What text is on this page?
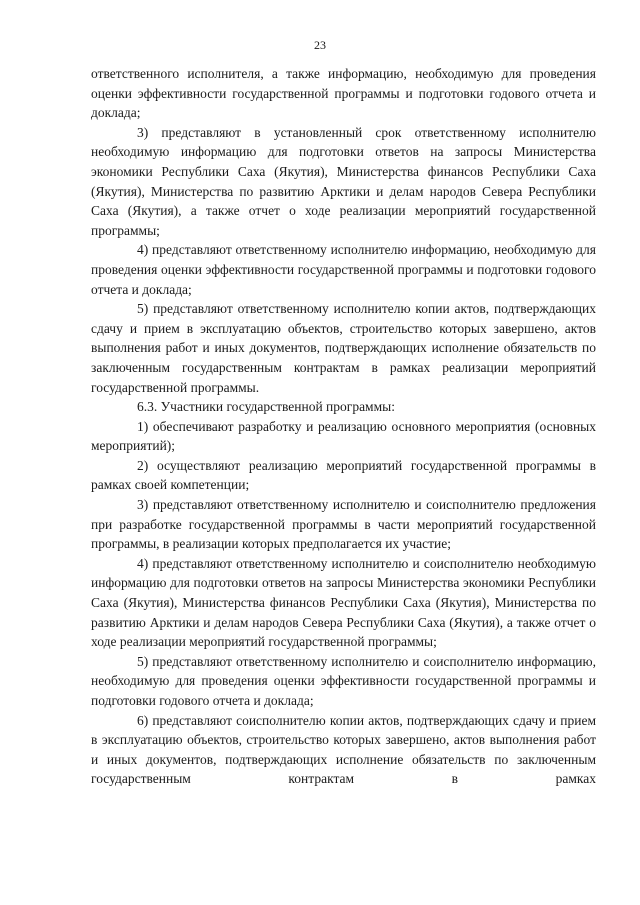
23

ответственного исполнителя, а также информацию, необходимую для проведения оценки эффективности государственной программы и подготовки годового отчета и доклада;

3) представляют в установленный срок ответственному исполнителю необходимую информацию для подготовки ответов на запросы Министерства экономики Республики Саха (Якутия), Министерства финансов Республики Саха (Якутия), Министерства по развитию Арктики и делам народов Севера Республики Саха (Якутия), а также отчет о ходе реализации мероприятий государственной программы;

4) представляют ответственному исполнителю информацию, необходимую для проведения оценки эффективности государственной программы и подготовки годового отчета и доклада;

5) представляют ответственному исполнителю копии актов, подтверждающих сдачу и прием в эксплуатацию объектов, строительство которых завершено, актов выполнения работ и иных документов, подтверждающих исполнение обязательств по заключенным государственным контрактам в рамках реализации мероприятий государственной программы.

6.3. Участники государственной программы:

1) обеспечивают разработку и реализацию основного мероприятия (основных мероприятий);

2) осуществляют реализацию мероприятий государственной программы в рамках своей компетенции;

3) представляют ответственному исполнителю и соисполнителю предложения при разработке государственной программы в части мероприятий государственной программы, в реализации которых предполагается их участие;

4) представляют ответственному исполнителю и соисполнителю необходимую информацию для подготовки ответов на запросы Министерства экономики Республики Саха (Якутия), Министерства финансов Республики Саха (Якутия), Министерства по развитию Арктики и делам народов Севера Республики Саха (Якутия), а также отчет о ходе реализации мероприятий государственной программы;

5) представляют ответственному исполнителю и соисполнителю информацию, необходимую для проведения оценки эффективности государственной программы и подготовки годового отчета и доклада;

6) представляют соисполнителю копии актов, подтверждающих сдачу и прием в эксплуатацию объектов, строительство которых завершено, актов выполнения работ и иных документов, подтверждающих исполнение обязательств по заключенным государственным контрактам в рамках
